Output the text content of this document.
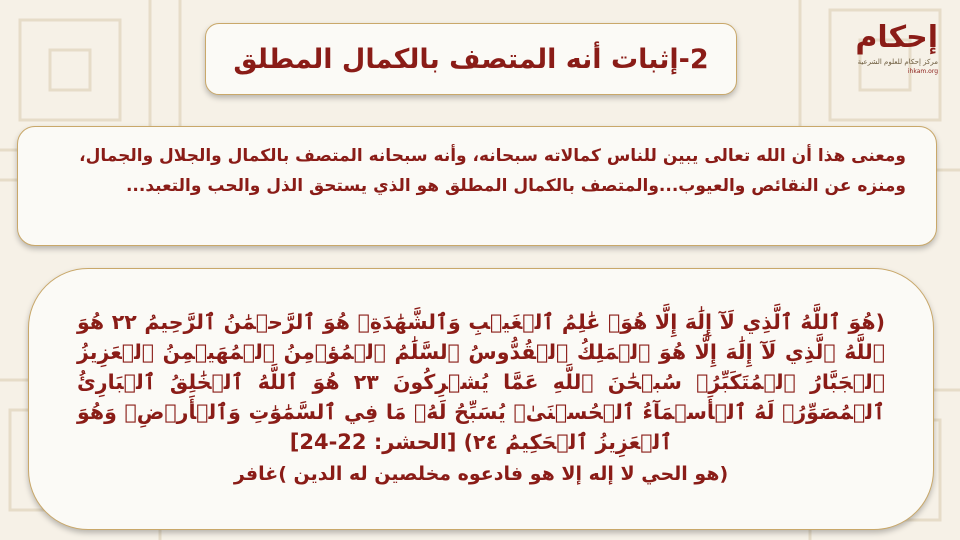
إحكام
مركز إحكام للعلوم الشرعية
ihkam.org
2-إثبات أنه المتصف بالكمال المطلق
ومعنى هذا أن الله تعالى يبين للناس كمالاته سبحانه، وأنه سبحانه المتصف بالكمال والجلال والجمال، ومنزه عن النقائص والعيوب...والمتصف بالكمال المطلق هو الذي يستحق الذل والحب والتعبد...
(هُوَ ٱللَّهُ ٱلَّذِي لَآ إِلَٰهَ إِلَّا هُوَۖ عَٰلِمُ ٱلۡغَيۡبِ وَٱلشَّهَٰدَةِۖ هُوَ ٱلرَّحۡمَٰنُ ٱلرَّحِيمُ ٢٢ هُوَ ٱللَّهُ ٱلَّذِي لَآ إِلَٰهَ إِلَّا هُوَ ٱلۡمَلِكُ ٱلۡقُدُّوسُ ٱلسَّلَٰمُ ٱلۡمُؤۡمِنُ ٱلۡمُهَيۡمِنُ ٱلۡعَزِيزُ ٱلۡجَبَّارُ ٱلۡمُتَكَبِّرُۚ سُبۡحَٰنَ ٱللَّهِ عَمَّا يُشۡرِكُونَ ٢٣ هُوَ ٱللَّهُ ٱلۡخَٰلِقُ ٱلۡبَارِئُ ٱلۡمُصَوِّرُۖ لَهُ ٱلۡأَسۡمَآءُ ٱلۡحُسۡنَىٰۚ يُسَبِّحُ لَهُۥ مَا فِي ٱلسَّمَٰوَٰتِ وَٱلۡأَرۡضِۖ وَهُوَ ٱلۡعَزِيزُ ٱلۡحَكِيمُ ٢٤) [الحشر: 22-24]
(هو الحي لا إله إلا هو فادعوه مخلصين له الدين )غافر
